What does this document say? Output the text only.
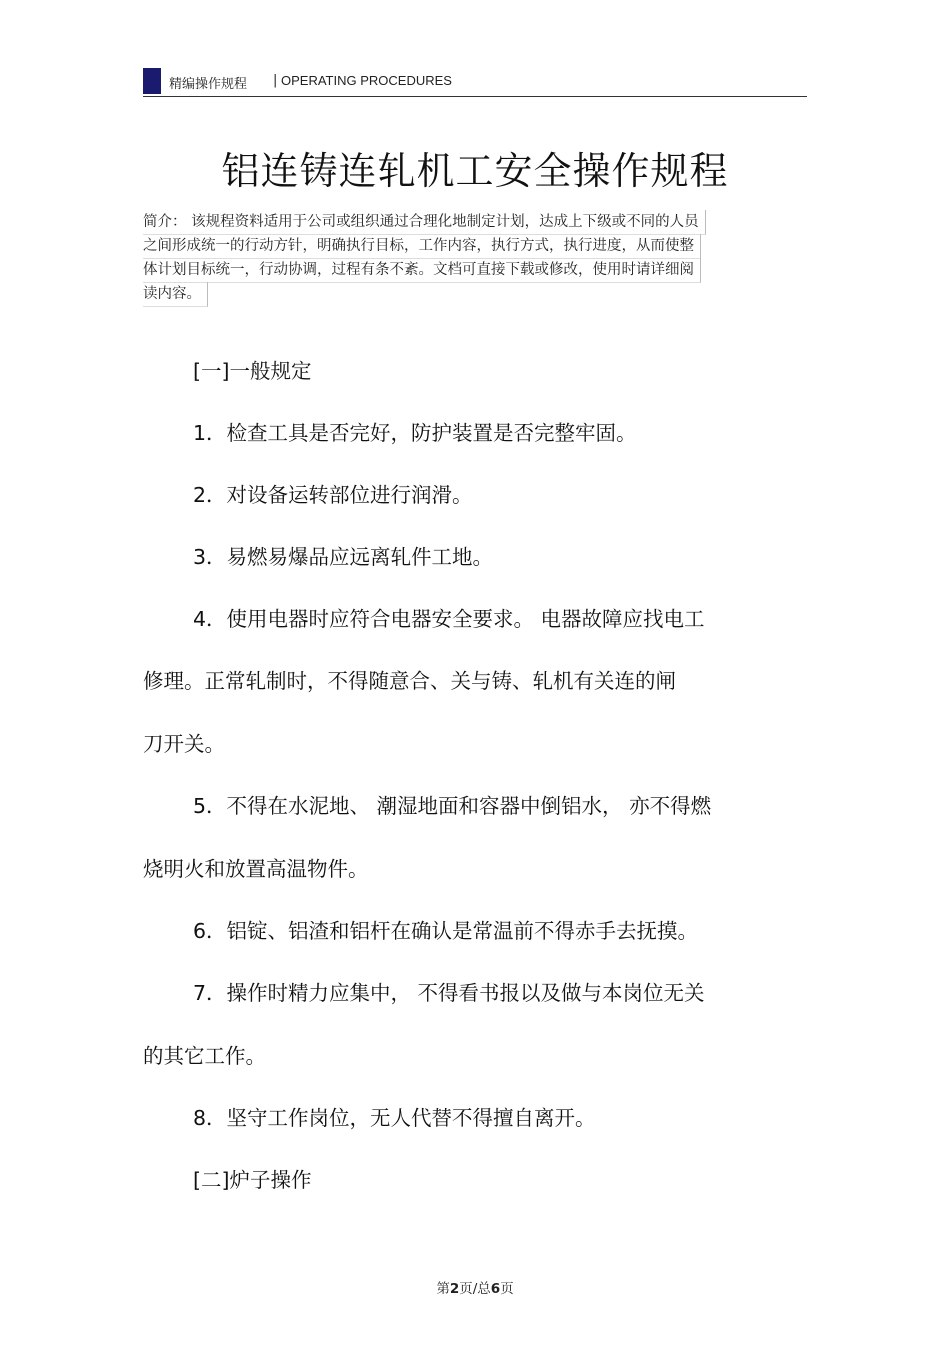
精编操作规程 | OPERATING PROCEDURES
铝连铸连轧机工安全操作规程
简介： 该规程资料适用于公司或组织通过合理化地制定计划，达成上下级或不同的人员
之间形成统一的行动方针，明确执行目标，工作内容，执行方式，执行进度，从而使整
体计划目标统一，行动协调，过程有条不紊。文档可直接下载或修改，使用时请详细阅
读内容。
[一]一般规定
1．检查工具是否完好，防护装置是否完整牢固。
2．对设备运转部位进行润滑。
3．易燃易爆品应远离轧件工地。
4．使用电器时应符合电器安全要求。 电器故障应找电工
修理。正常轧制时，不得随意合、关与铸、轧机有关连的闸
刀开关。
5．不得在水泥地、 潮湿地面和容器中倒铝水， 亦不得燃
烧明火和放置高温物件。
6．铝锭、铝渣和铝杆在确认是常温前不得赤手去抚摸。
7．操作时精力应集中， 不得看书报以及做与本岗位无关
的其它工作。
8．坚守工作岗位，无人代替不得擅自离开。
[二]炉子操作
第2页/总6页
